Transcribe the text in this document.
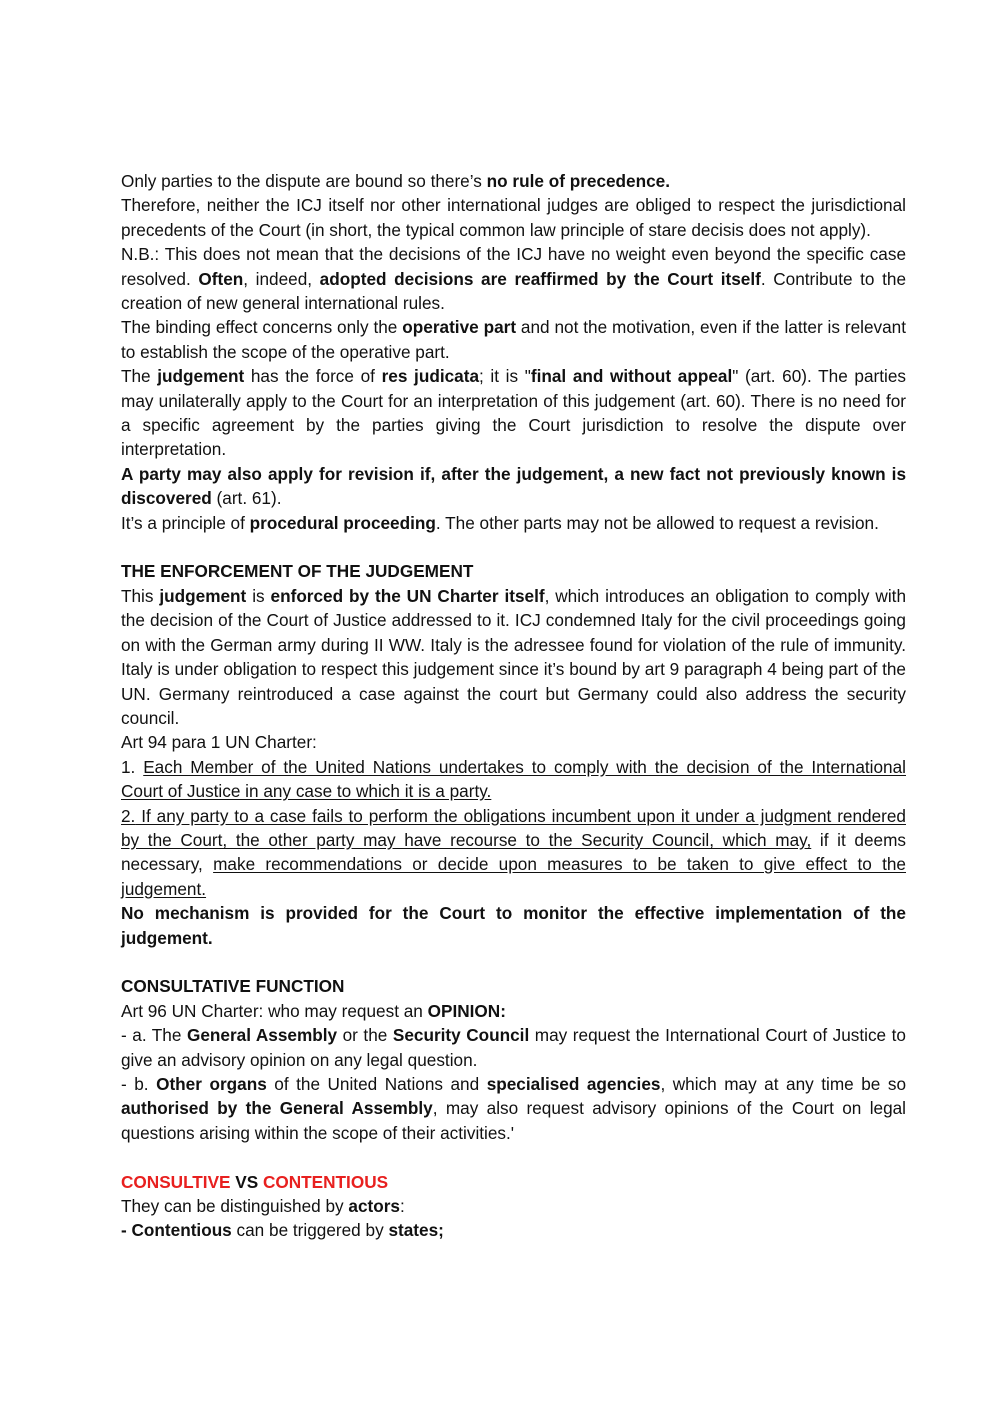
Only parties to the dispute are bound so there’s no rule of precedence.

Therefore, neither the ICJ itself nor other international judges are obliged to respect the jurisdictional precedents of the Court (in short, the typical common law principle of stare decisis does not apply).

N.B.: This does not mean that the decisions of the ICJ have no weight even beyond the specific case resolved. Often, indeed, adopted decisions are reaffirmed by the Court itself. Contribute to the creation of new general international rules.

The binding effect concerns only the operative part and not the motivation, even if the latter is relevant to establish the scope of the operative part.

The judgement has the force of res judicata; it is "final and without appeal" (art. 60). The parties may unilaterally apply to the Court for an interpretation of this judgement (art. 60). There is no need for a specific agreement by the parties giving the Court jurisdiction to resolve the dispute over interpretation.

A party may also apply for revision if, after the judgement, a new fact not previously known is discovered (art. 61).

It’s a principle of procedural proceeding. The other parts may not be allowed to request a revision.

THE ENFORCEMENT OF THE JUDGEMENT

This judgement is enforced by the UN Charter itself, which introduces an obligation to comply with the decision of the Court of Justice addressed to it. ICJ condemned Italy for the civil proceedings going on with the German army during II WW. Italy is the adressee found for violation of the rule of immunity. Italy is under obligation to respect this judgement since it’s bound by art 9 paragraph 4 being part of the UN. Germany reintroduced a case against the court but Germany could also address the security council.

Art 94 para 1 UN Charter:

1. Each Member of the United Nations undertakes to comply with the decision of the International Court of Justice in any case to which it is a party.
2. If any party to a case fails to perform the obligations incumbent upon it under a judgment rendered by the Court, the other party may have recourse to the Security Council, which may, if it deems necessary, make recommendations or decide upon measures to be taken to give effect to the judgement.

No mechanism is provided for the Court to monitor the effective implementation of the judgement.

CONSULTATIVE FUNCTION

Art 96 UN Charter: who may request an OPINION:

- a. The General Assembly or the Security Council may request the International Court of Justice to give an advisory opinion on any legal question.

- b. Other organs of the United Nations and specialised agencies, which may at any time be so authorised by the General Assembly, may also request advisory opinions of the Court on legal questions arising within the scope of their activities.'

CONSULTIVE VS CONTENTIOUS

They can be distinguished by actors:

- Contentious can be triggered by states;
